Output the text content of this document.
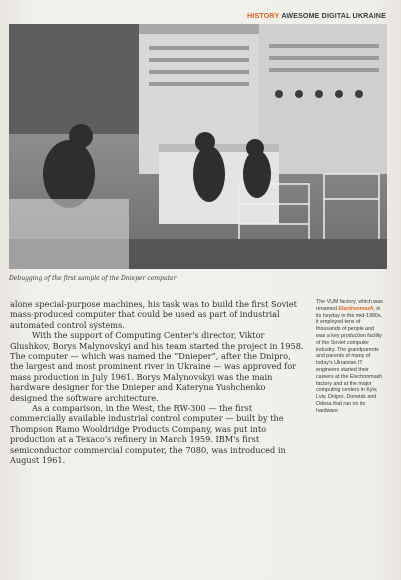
HISTORY AWESOME DIGITAL UKRAINE
Debugging of the first sample of the Dnieper computer

alone special-purpose machines, his task was to build the first Soviet mass-produced computer that could be used as part of industrial automated control systems.

With the support of Computing Center's director, Viktor Glushkov, Borys Malynovskyi and his team started the project in 1958. The computer — which was named the “Dnieper”, after the Dnipro, the largest and most prominent river in Ukraine — was approved for mass production in July 1961. Borys Malynovskyi was the main hardware designer for the Dnieper and Kateryna Yushchenko designed the software architecture.

As a comparison, in the West, the RW-300 — the first commercially available industrial control computer — built by the Thompson Ramo Wooldridge Products Company, was put into production at a Texaco's refinery in March 1959. IBM's first semiconductor commercial computer, the 7080, was introduced in August 1961.

The VUM factory, which was renamed Electronmash, in its heyday in the mid-1980s, it employed tens of thousands of people and was a key production facility of the Soviet computer industry. The grandparents and parents of many of today's Ukrainian IT engineers started their careers at the Electronmash factory and at the major computing centers in Kyiv, Lviv, Dnipro, Donetsk and Odesa that ran on its hardware
